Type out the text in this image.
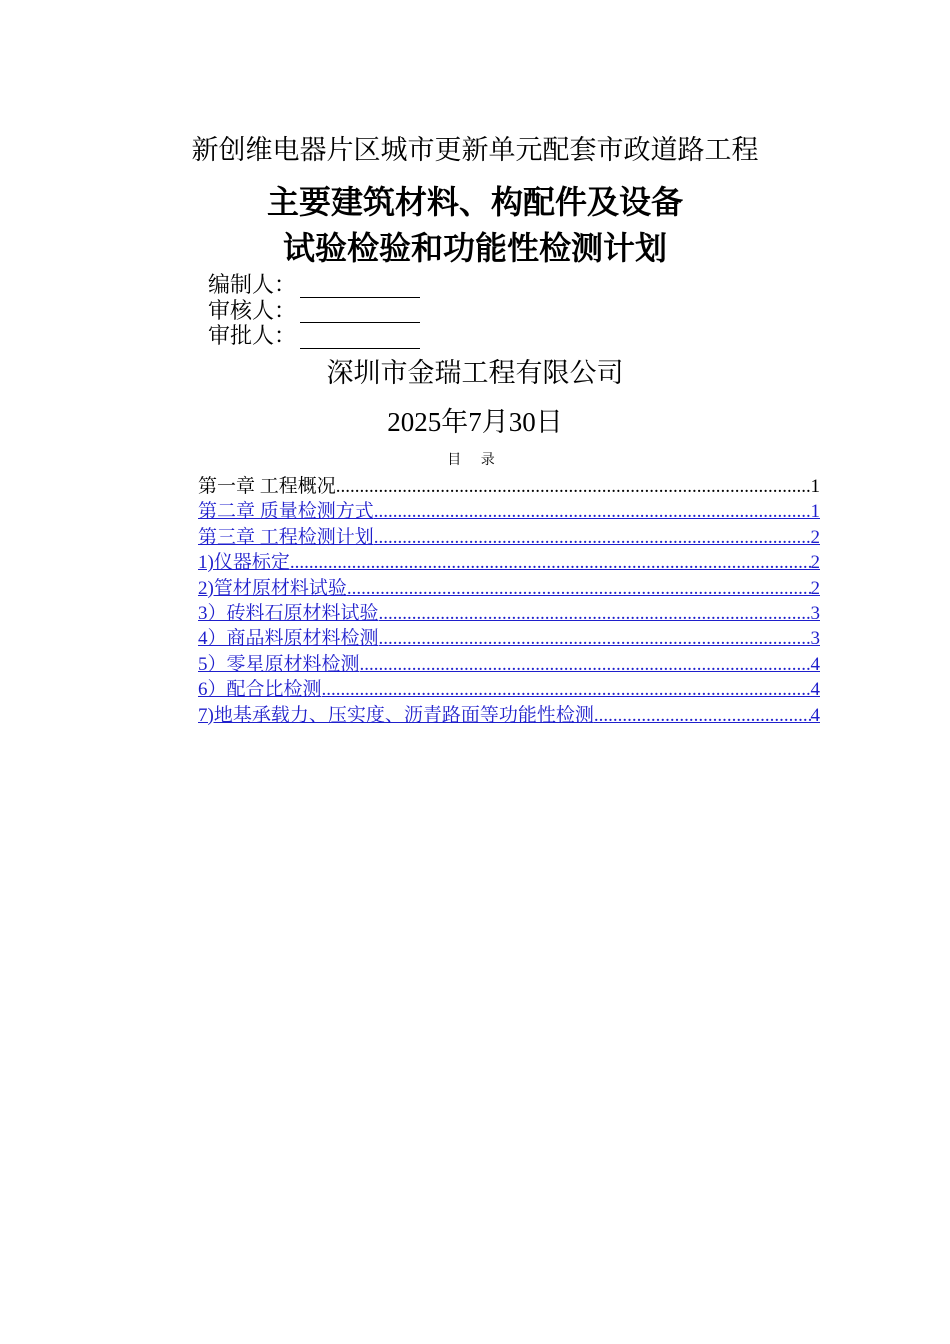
新创维电器片区城市更新单元配套市政道路工程
主要建筑材料、构配件及设备
试验检验和功能性检测计划
编制人：
审核人：
审批人：
深圳市金瑞工程有限公司
2025年7月30日
目 录
第一章 工程概况 .....	1
第二章 质量检测方式 .....	1
第三章 工程检测计划 .....	2
1)仪器标定 .....	2
2)管材原材料试验 .....	2
3）砖料石原材料试验 .....	3
4）商品料原材料检测 .....	3
5）零星原材料检测 .....	4
6）配合比检测 .....	4
7)地基承载力、压实度、沥青路面等功能性检测 .....	4
